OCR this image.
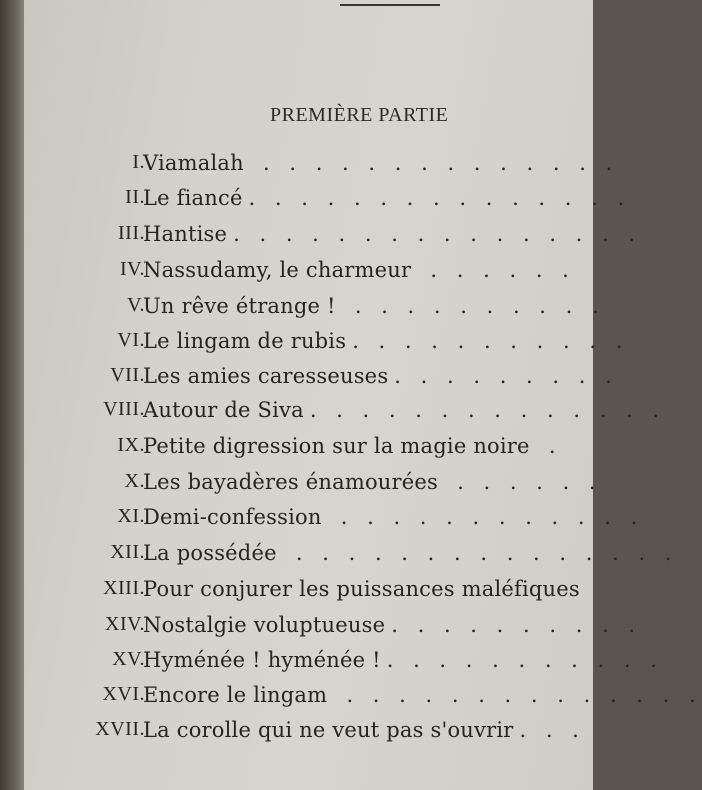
PREMIÈRE PARTIE
I.
Viamalah . . . . . . . . . . . . . .
II.
Le fiancé . . . . . . . . . . . . . . .
III.
Hantise . . . . . . . . . . . . . . . .
IV.
Nassudamy, le charmeur . . . . . .
V.
Un rêve étrange ! . . . . . . . . . .
VI.
Le lingam de rubis . . . . . . . . . . .
VII.
Les amies caresseuses . . . . . . . . .
VIII.
Autour de Siva . . . . . . . . . . . . . .
IX.
Petite digression sur la magie noire .
X.
Les bayadères énamourées . . . . . .
XI.
Demi-confession . . . . . . . . . . . .
XII.
La possédée . . . . . . . . . . . . . . .
XIII.
Pour conjurer les puissances maléfiques
XIV.
Nostalgie voluptueuse . . . . . . . . . .
XV.
Hyménée ! hyménée ! . . . . . . . . . . .
XVI.
Encore le lingam . . . . . . . . . . . . . .
XVII.
La corolle qui ne veut pas s'ouvrir . . .
